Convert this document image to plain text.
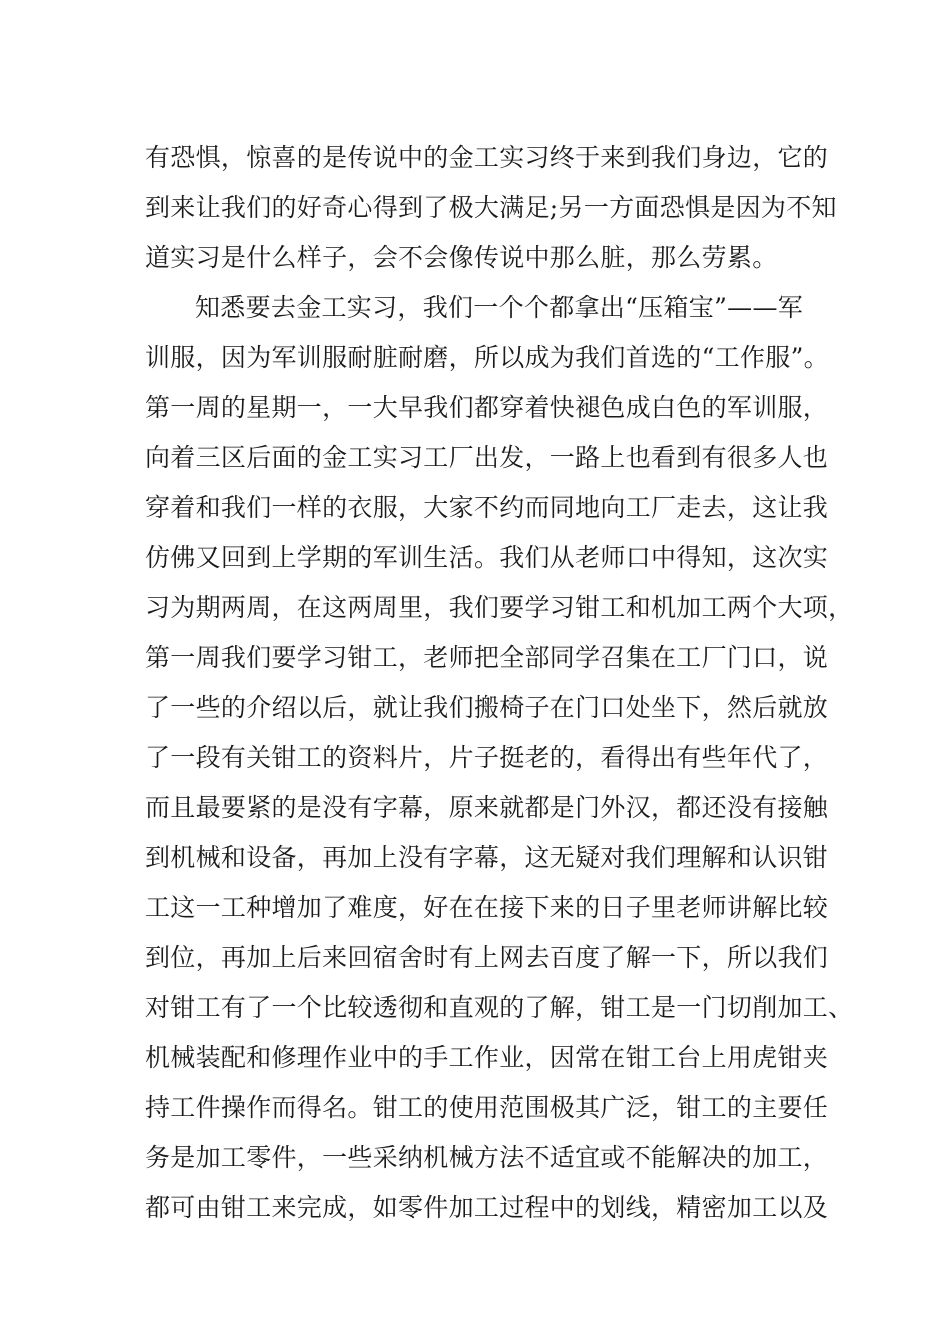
有恐惧，惊喜的是传说中的金工实习终于来到我们身边，它的
到来让我们的好奇心得到了极大满足;另一方面恐惧是因为不知
道实习是什么样子，会不会像传说中那么脏，那么劳累。
知悉要去金工实习，我们一个个都拿出“压箱宝”——军
训服，因为军训服耐脏耐磨，所以成为我们首选的“工作服”。
第一周的星期一，一大早我们都穿着快褪色成白色的军训服，
向着三区后面的金工实习工厂出发，一路上也看到有很多人也
穿着和我们一样的衣服，大家不约而同地向工厂走去，这让我
仿佛又回到上学期的军训生活。我们从老师口中得知，这次实
习为期两周，在这两周里，我们要学习钳工和机加工两个大项，
第一周我们要学习钳工，老师把全部同学召集在工厂门口，说
了一些的介绍以后，就让我们搬椅子在门口处坐下，然后就放
了一段有关钳工的资料片，片子挺老的，看得出有些年代了，
而且最要紧的是没有字幕，原来就都是门外汉，都还没有接触
到机械和设备，再加上没有字幕，这无疑对我们理解和认识钳
工这一工种增加了难度，好在在接下来的日子里老师讲解比较
到位，再加上后来回宿舍时有上网去百度了解一下，所以我们
对钳工有了一个比较透彻和直观的了解，钳工是一门切削加工、
机械装配和修理作业中的手工作业，因常在钳工台上用虎钳夹
持工件操作而得名。钳工的使用范围极其广泛，钳工的主要任
务是加工零件，一些采纳机械方法不适宜或不能解决的加工，
都可由钳工来完成，如零件加工过程中的划线，精密加工以及
